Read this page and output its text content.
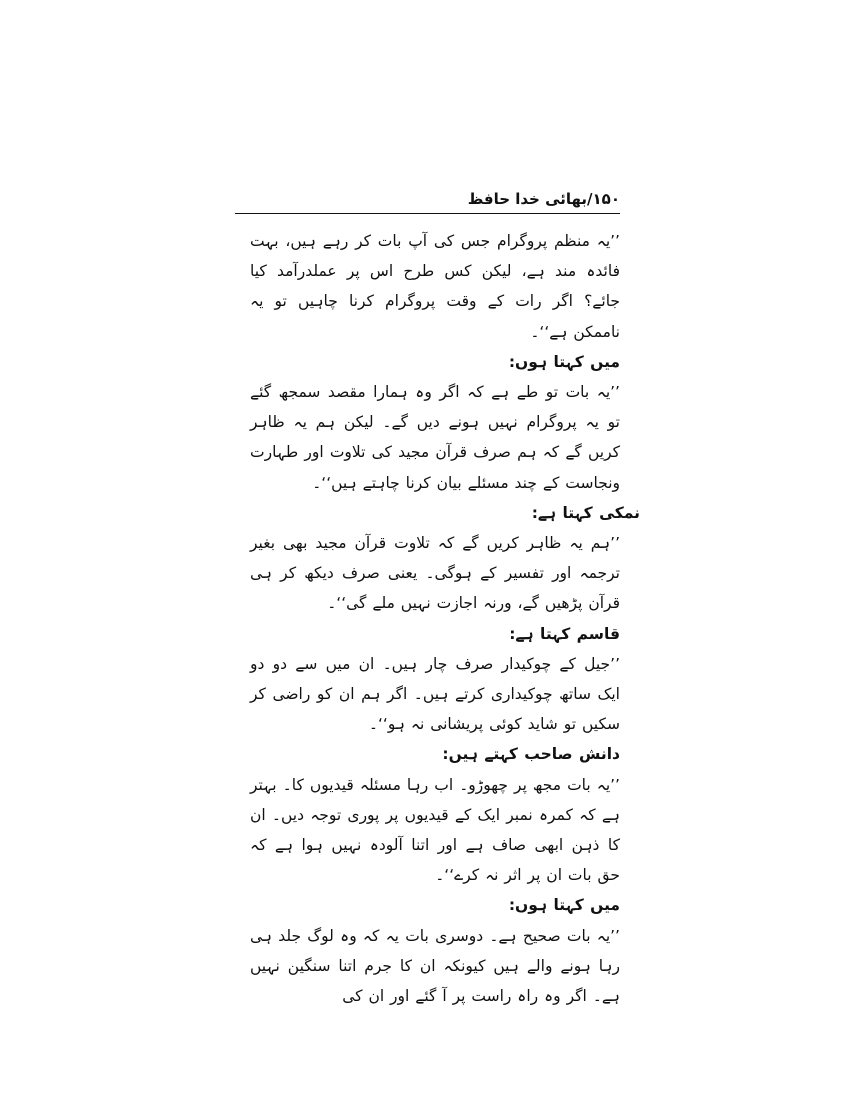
۱۵۰/بھائی خدا حافظ

’’یہ منظم پروگرام جس کی آپ بات کر رہے ہیں، بہت فائدہ مند ہے، لیکن کس طرح اس پر عملدرآمد کیا جائے؟ اگر رات کے وقت پروگرام کرنا چاہیں تو یہ ناممکن ہے‘‘۔

میں کہتا ہوں:

’’یہ بات تو طے ہے کہ اگر وہ ہمارا مقصد سمجھ گئے تو یہ پروگرام نہیں ہونے دیں گے۔ لیکن ہم یہ ظاہر کریں گے کہ ہم صرف قرآن مجید کی تلاوت اور طہارت ونجاست کے چند مسئلے بیان کرنا چاہتے ہیں‘‘۔

نمکی کہتا ہے:

’’ہم یہ ظاہر کریں گے کہ تلاوت قرآن مجید بھی بغیر ترجمہ اور تفسیر کے ہوگی۔ یعنی صرف دیکھ کر ہی قرآن پڑھیں گے، ورنہ اجازت نہیں ملے گی‘‘۔

قاسم کہتا ہے:

’’جیل کے چوکیدار صرف چار ہیں۔ ان میں سے دو دو ایک ساتھ چوکیداری کرتے ہیں۔ اگر ہم ان کو راضی کر سکیں تو شاید کوئی پریشانی نہ ہو‘‘۔

دانش صاحب کہتے ہیں:

’’یہ بات مجھ پر چھوڑو۔ اب رہا مسئلہ قیدیوں کا۔ بہتر ہے کہ کمرہ نمبر ایک کے قیدیوں پر پوری توجہ دیں۔ ان کا ذہن ابھی صاف ہے اور اتنا آلودہ نہیں ہوا ہے کہ حق بات ان پر اثر نہ کرے‘‘۔

میں کہتا ہوں:

’’یہ بات صحیح ہے۔ دوسری بات یہ کہ وہ لوگ جلد ہی رہا ہونے والے ہیں کیونکہ ان کا جرم اتنا سنگین نہیں ہے۔ اگر وہ راہ راست پر آ گئے اور ان کی
